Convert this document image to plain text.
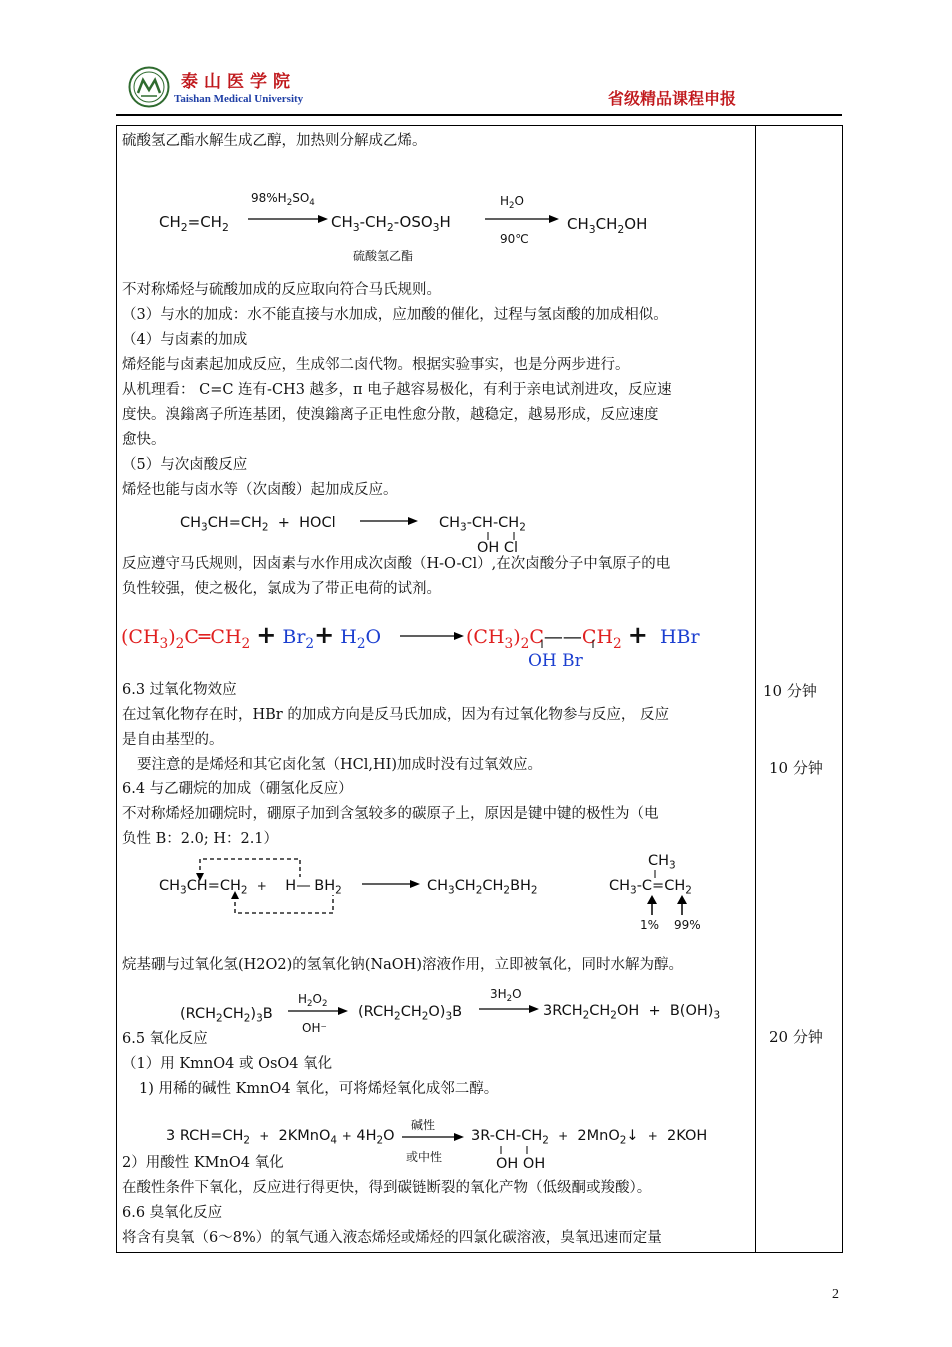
泰山医学院
Taishan Medical University	省级精品课程申报
硫酸氢乙酯水解生成乙醇，加热则分解成乙烯。
$CH_2=CH_2$
$98\%H_2SO_4$
$CH_3-CH_2-OSO_3H$
硫酸氢乙酯
$H_2O$
90℃
$CH_3CH_2OH$
不对称烯烃与硫酸加成的反应取向符合马氏规则。
（3）与水的加成：水不能直接与水加成，应加酸的催化，过程与氢卤酸的加成相似。
（4）与卤素的加成
烯烃能与卤素起加成反应，生成邻二卤代物。根据实验事实，也是分两步进行。
从机理看： C=C 连有-CH3 越多，π 电子越容易极化，有利于亲电试剂进攻，反应速
度快。溴鎓离子所连基团，使溴鎓离子正电性愈分散，越稳定，越易形成，反应速度
愈快。
（5）与次卤酸反应
烯烃也能与卤水等（次卤酸）起加成反应。
$CH_3CH=CH_2$  +  HOCl	$CH_3-CH-CH_2$
OH Cl
反应遵守马氏规则，因卤素与水作用成次卤酸（H-O-Cl）,在次卤酸分子中氧原子的电
负性较强，使之极化，氯成为了带正电荷的试剂。
$(CH_3)_2C═CH_2 + Br_2+ H_2O$	$(CH_3)_2C——CH_2$ + HBr
OH Br
6.3 过氧化物效应
在过氧化物存在时，HBr 的加成方向是反马氏加成，因为有过氧化物参与反应， 反应
是自由基型的。
要注意的是烯烃和其它卤化氢（HCl,HI)加成时没有过氧效应。
6.4 与乙硼烷的加成（硼氢化反应）
不对称烯烃加硼烷时，硼原子加到含氢较多的碳原子上，原因是键中键的极性为（电
负性 B：2.0; H：2.1）
$CH_3CH=CH_2$ +    H— $BH_2$	$CH_3CH_2CH_2BH_2$
$CH_3$
$CH_3-C=CH_2$
1% 99%
烷基硼与过氧化氢(H2O2)的氢氧化钠(NaOH)溶液作用，立即被氧化，同时水解为醇。
$(RCH_2CH_2)_3B$
$H_2O_2$
OH⁻
$(RCH_2CH_2O)_3B$
$3H_2O$
$3RCH_2CH_2OH + B(OH)_3$
6.5 氧化反应
（1）用 KmnO4 或 OsO4 氧化
1) 用稀的碱性 KmnO4 氧化，可将烯烃氧化成邻二醇。
3 $RCH=CH_2$ +  2KMnO$_4$ + $4H_2O$
碱性
或中性
$3R-CH-CH_2$ +  2MnO$_2$↓  +  2KOH
OH OH
2）用酸性 KMnO4 氧化
在酸性条件下氧化，反应进行得更快，得到碳链断裂的氧化产物（低级酮或羧酸）。
6.6 臭氧化反应
将含有臭氧（6～8%）的氧气通入液态烯烃或烯烃的四氯化碳溶液，臭氧迅速而定量
10 分钟
10 分钟
20 分钟
2
